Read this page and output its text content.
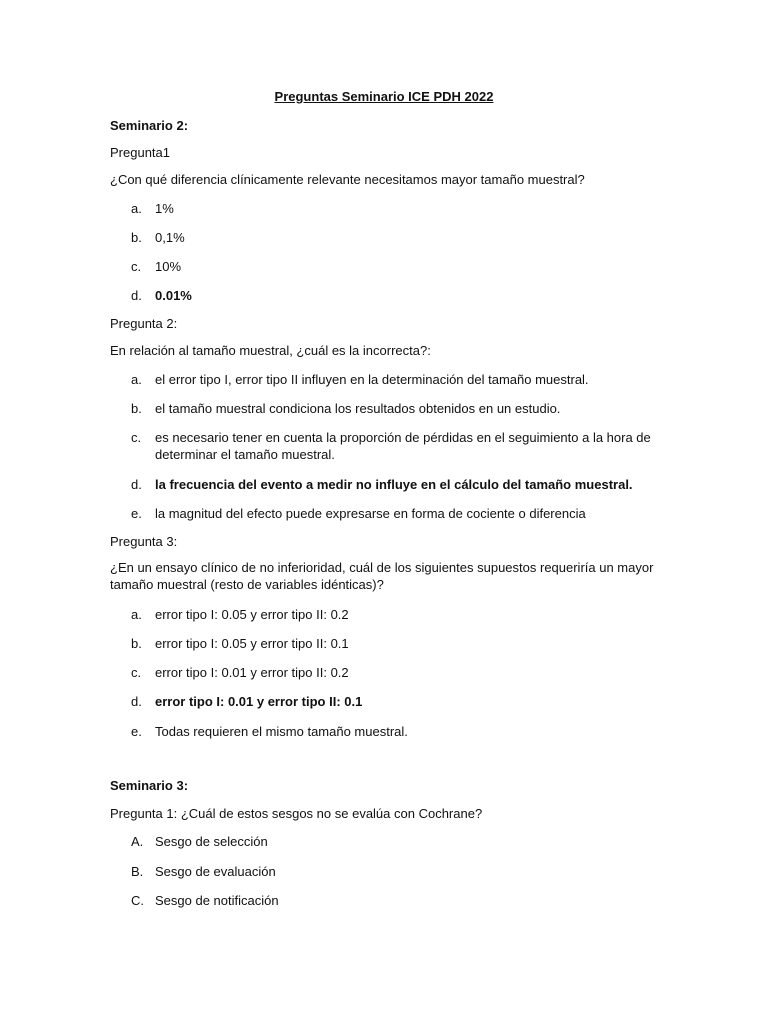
Preguntas Seminario ICE PDH 2022
Seminario 2:
Pregunta1
¿Con qué diferencia clínicamente relevante necesitamos mayor tamaño muestral?
a.	1%
b.	0,1%
c.	10%
d.	0.01%
Pregunta 2:
En relación al tamaño muestral, ¿cuál es la incorrecta?:
a.	el error tipo I, error tipo II influyen en la determinación del tamaño muestral.
b.	el tamaño muestral condiciona los resultados obtenidos en un estudio.
c.	es necesario tener en cuenta la proporción de pérdidas en el seguimiento a la hora de determinar el tamaño muestral.
d.	la frecuencia del evento a medir no influye en el cálculo del tamaño muestral.
e.	la magnitud del efecto puede expresarse en forma de cociente o diferencia
Pregunta 3:
¿En un ensayo clínico de no inferioridad, cuál de los siguientes supuestos requeriría un mayor tamaño muestral (resto de variables idénticas)?
a.	error tipo I: 0.05 y error tipo II: 0.2
b.	error tipo I: 0.05 y error tipo II: 0.1
c.	error tipo I: 0.01 y error tipo II: 0.2
d.	error tipo I: 0.01 y error tipo II: 0.1
e.	Todas requieren el mismo tamaño muestral.
Seminario 3:
Pregunta 1: ¿Cuál de estos sesgos no se evalúa con Cochrane?
A. Sesgo de selección
B. Sesgo de evaluación
C. Sesgo de notificación
